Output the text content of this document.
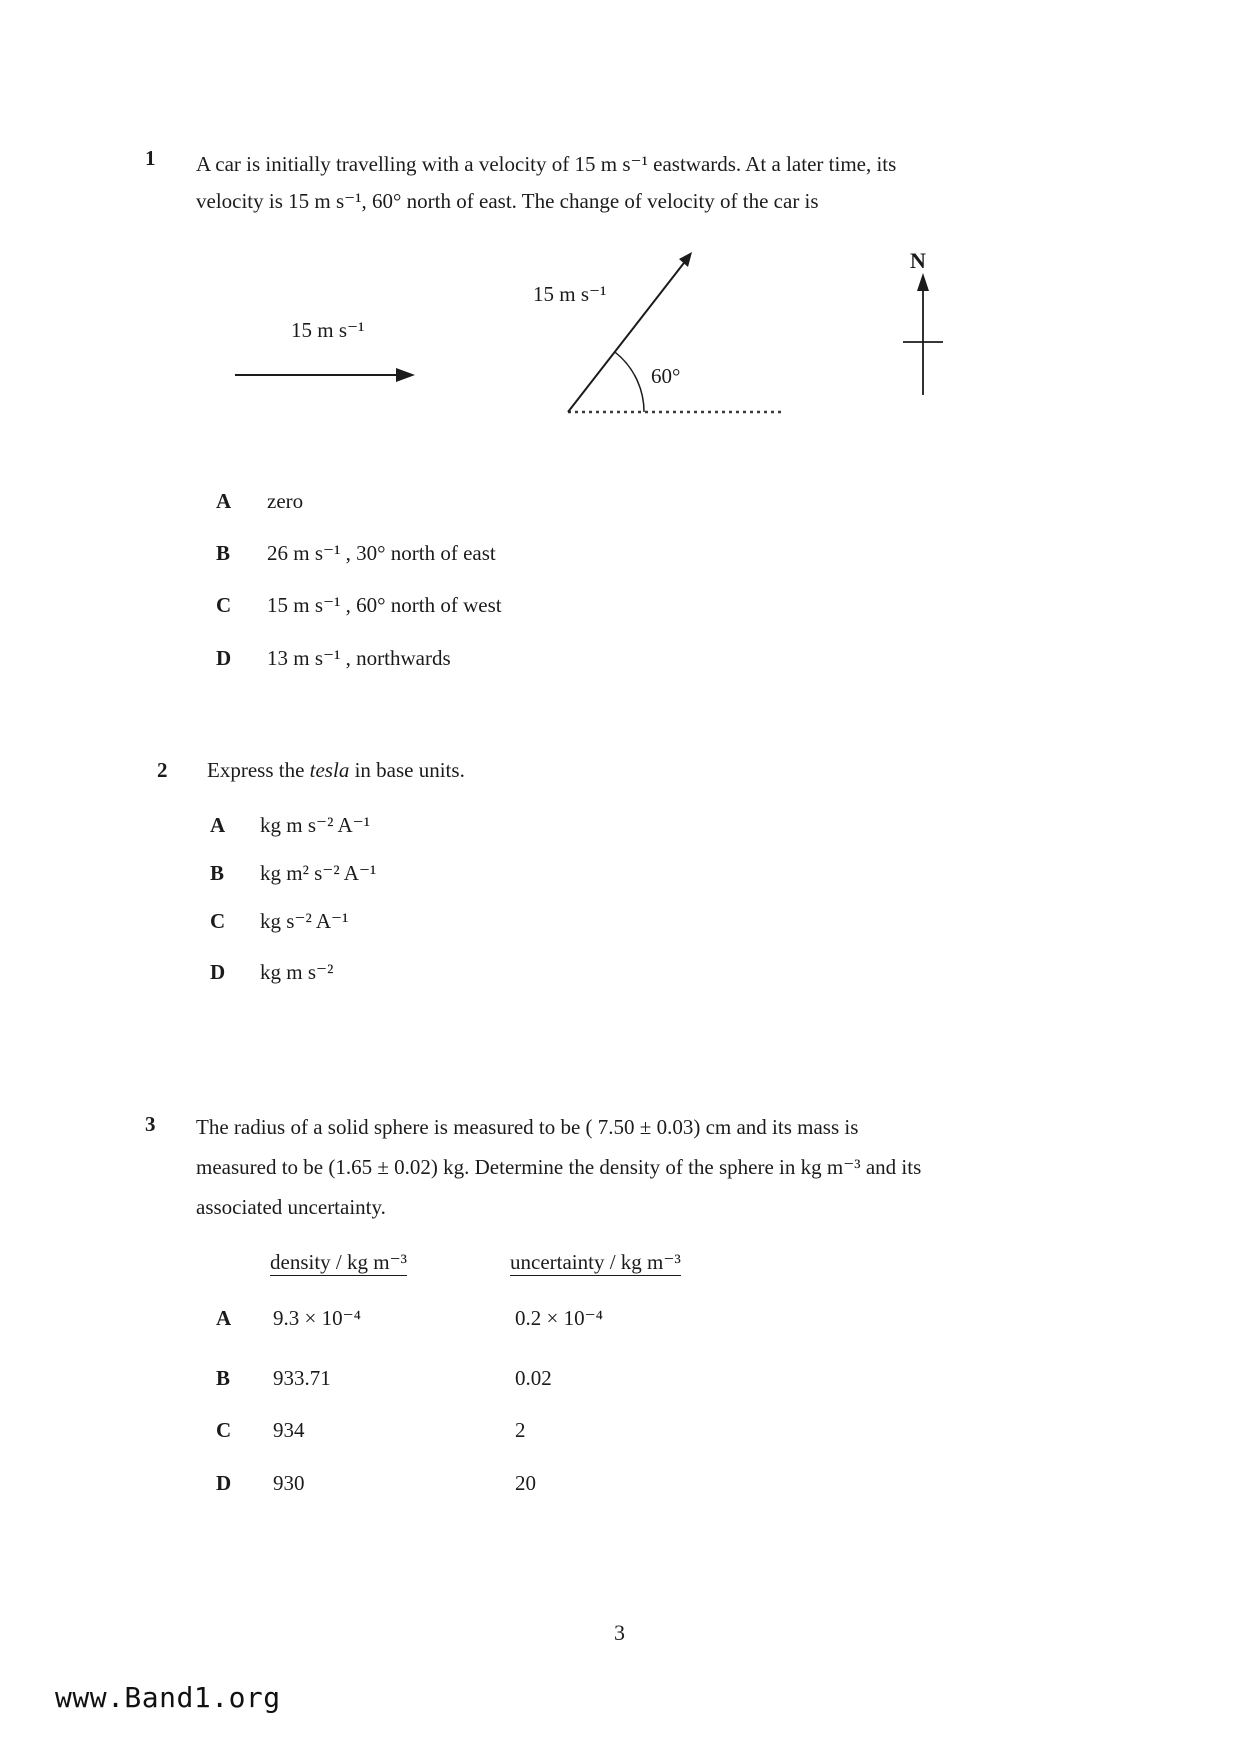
1 A car is initially travelling with a velocity of 15 m s⁻¹ eastwards. At a later time, its
velocity is 15 m s⁻¹, 60° north of east. The change of velocity of the car is
15 m s⁻¹
15 m s⁻¹
60°
N
A zero
B 26 m s⁻¹ , 30° north of east
C 15 m s⁻¹ , 60° north of west
D 13 m s⁻¹ , northwards
2 Express the tesla in base units.
A kg m s⁻² A⁻¹
B kg m² s⁻² A⁻¹
C kg s⁻² A⁻¹
D kg m s⁻²
3 The radius of a solid sphere is measured to be ( 7.50 ± 0.03) cm and its mass is
measured to be (1.65 ± 0.02) kg. Determine the density of the sphere in kg m⁻³ and its
associated uncertainty.
density / kg m⁻³	uncertainty / kg m⁻³
A 9.3 × 10⁻⁴	0.2 × 10⁻⁴
B 933.71	0.02
C 934	2
D 930	20
3
www.Band1.org
